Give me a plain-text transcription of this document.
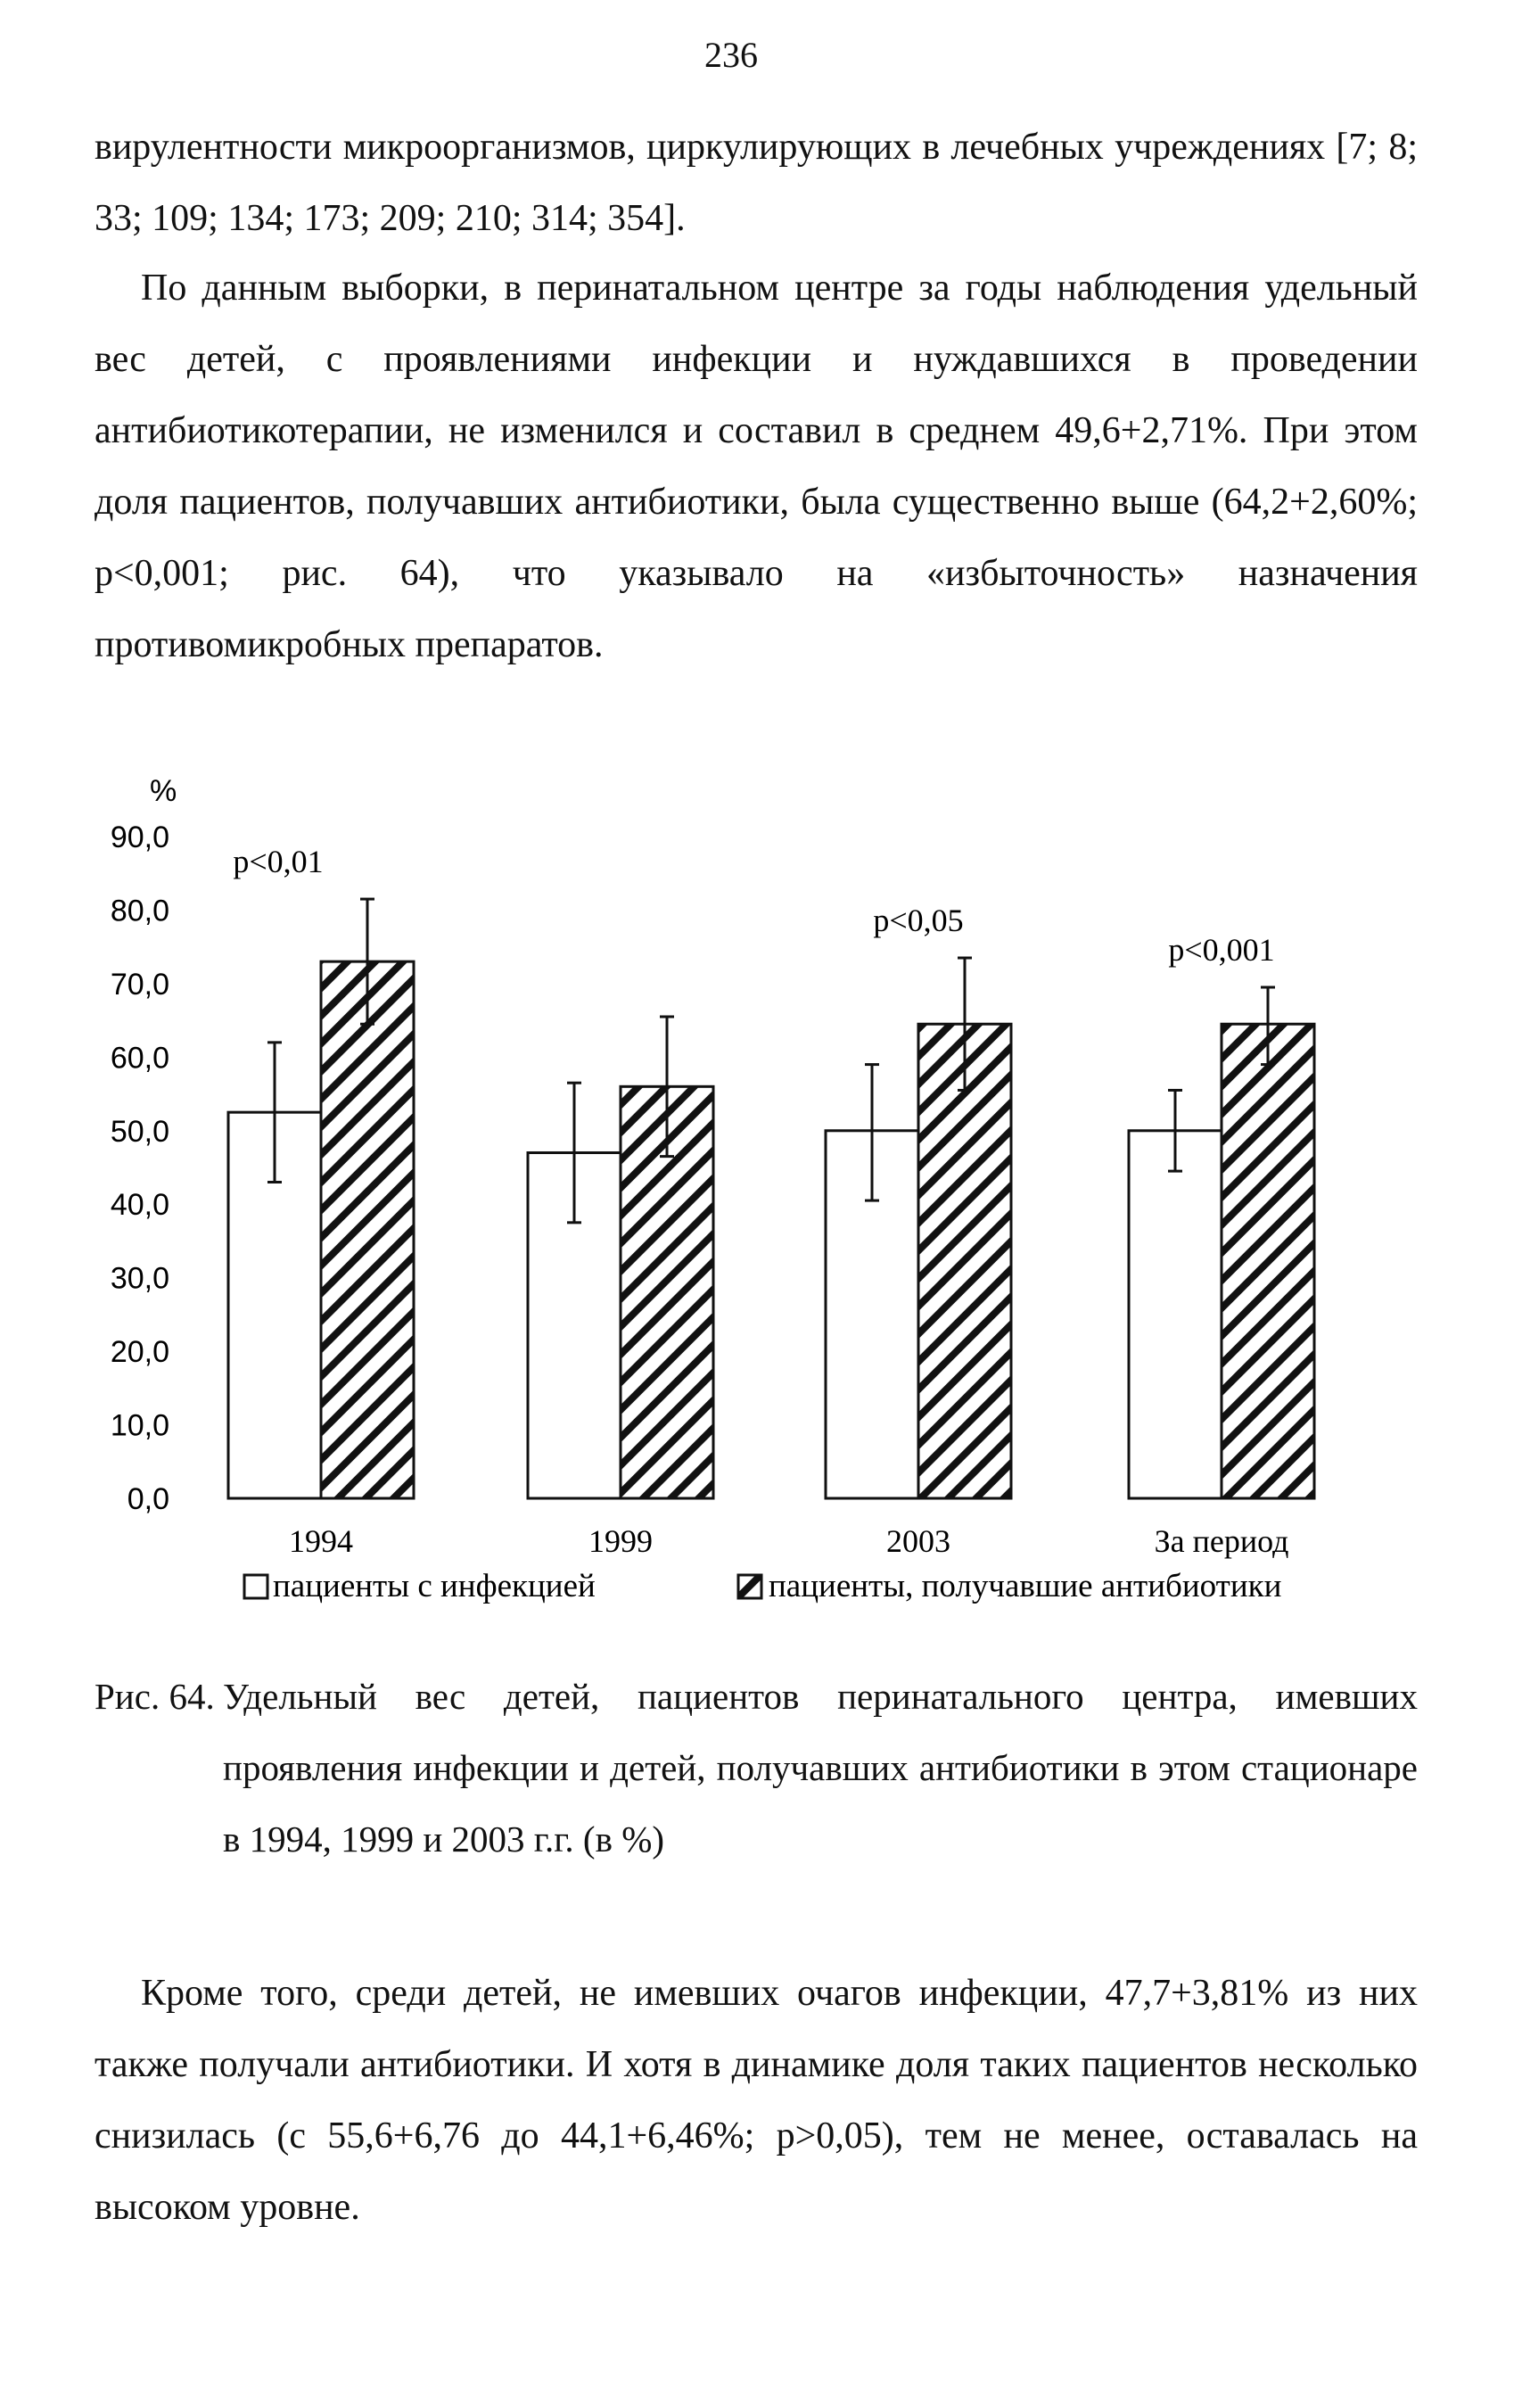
236

вирулентности микроорганизмов, циркулирующих в лечебных учреждениях [7; 8; 33; 109; 134; 173; 209; 210; 314; 354].

По данным выборки, в перинатальном центре за годы наблюдения удельный вес детей, с проявлениями инфекции и нуждавшихся в проведении антибиотикотерапии, не изменился и составил в среднем 49,6+2,71%. При этом доля пациентов, получавших антибиотики, была существенно выше (64,2+2,60%; p<0,001; рис. 64), что указывало на «избыточность» назначения противомикробных препаратов.

%
0,0
10,0
20,0
30,0
40,0
50,0
60,0
70,0
80,0
90,0
1994
p<0,01
1999	2003
p<0,05
За период
p<0,001
пациенты с инфекцией	пациенты, получавшие антибиотики
Рис. 64. Удельный вес детей, пациентов перинатального центра, имевших проявления инфекции и детей, получавших антибиотики в этом стационаре в 1994, 1999 и 2003 г.г. (в %)

Кроме того, среди детей, не имевших очагов инфекции, 47,7+3,81% из них также получали антибиотики. И хотя в динамике доля таких пациентов несколько снизилась (с 55,6+6,76 до 44,1+6,46%; p>0,05), тем не менее, оставалась на высоком уровне.
